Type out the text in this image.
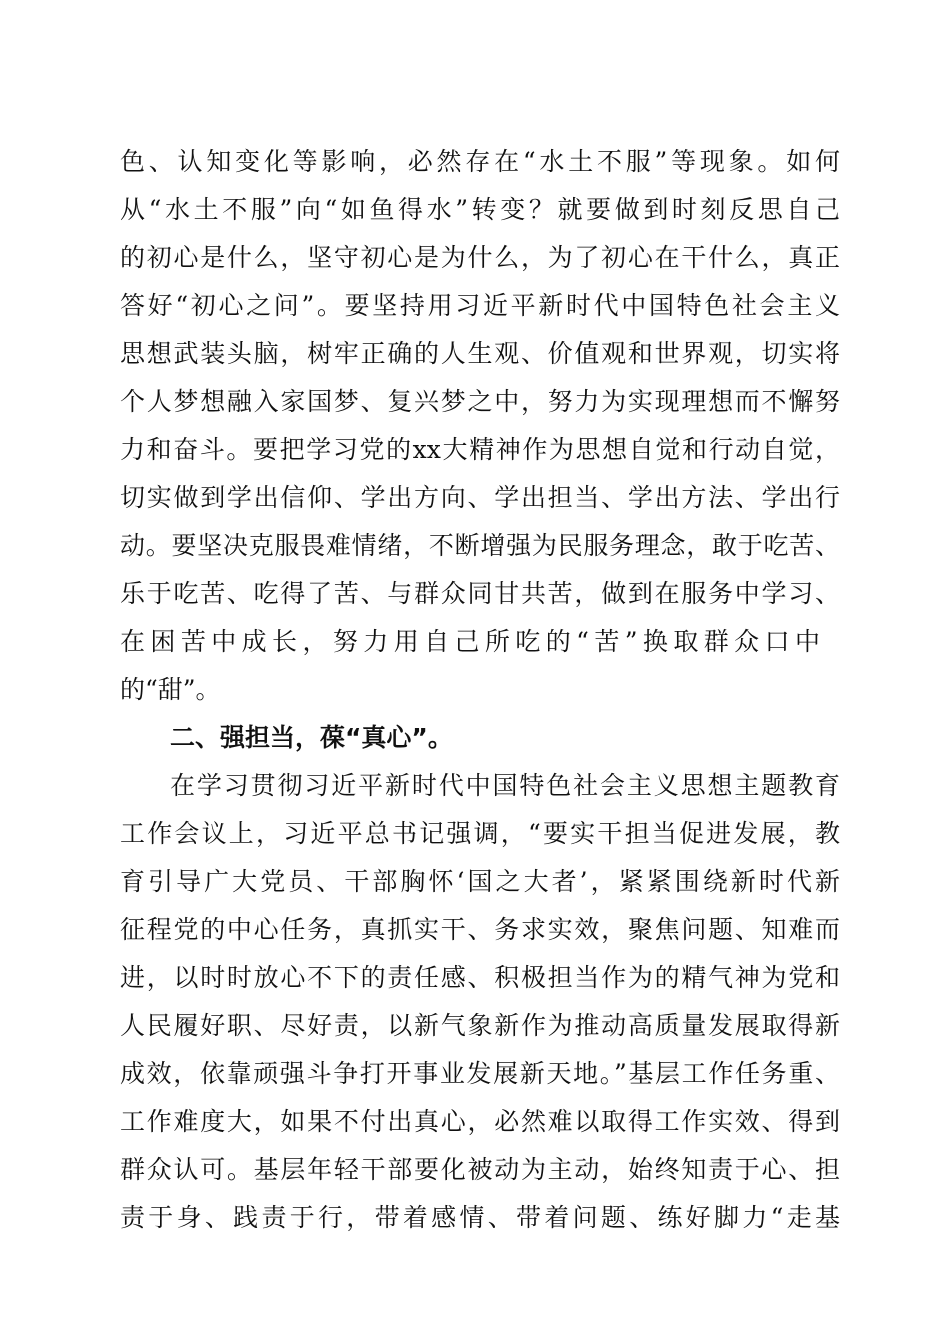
色、认知变化等影响，必然存在“水土不服”等现象。如何
从“水土不服”向“如鱼得水”转变？就要做到时刻反思自己
的初心是什么，坚守初心是为什么，为了初心在干什么，真正
答好“初心之问”。要坚持用习近平新时代中国特色社会主义
思想武装头脑，树牢正确的人生观、价值观和世界观，切实将
个人梦想融入家国梦、复兴梦之中，努力为实现理想而不懈努
力和奋斗。要把学习党的xx大精神作为思想自觉和行动自觉，
切实做到学出信仰、学出方向、学出担当、学出方法、学出行
动。要坚决克服畏难情绪，不断增强为民服务理念，敢于吃苦、
乐于吃苦、吃得了苦、与群众同甘共苦，做到在服务中学习、
在困苦中成长，努力用自己所吃的“苦”换取群众口中
的“甜”。
二、强担当，葆“真心”。
在学习贯彻习近平新时代中国特色社会主义思想主题教育
工作会议上，习近平总书记强调，“要实干担当促进发展，教
育引导广大党员、干部胸怀‘国之大者’，紧紧围绕新时代新
征程党的中心任务，真抓实干、务求实效，聚焦问题、知难而
进，以时时放心不下的责任感、积极担当作为的精气神为党和
人民履好职、尽好责，以新气象新作为推动高质量发展取得新
成效，依靠顽强斗争打开事业发展新天地。”基层工作任务重、
工作难度大，如果不付出真心，必然难以取得工作实效、得到
群众认可。基层年轻干部要化被动为主动，始终知责于心、担
责于身、践责于行，带着感情、带着问题、练好脚力“走基
